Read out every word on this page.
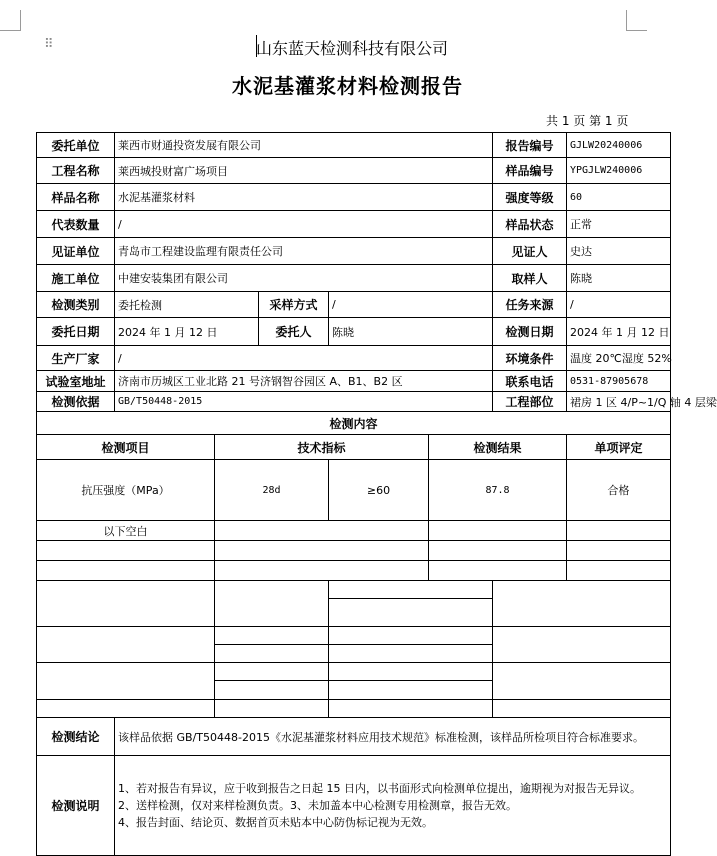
⠿	山东蓝天检测科技有限公司
水泥基灌浆材料检测报告
共 1 页 第 1 页
委托单位	莱西市财通投资发展有限公司					报告编号	GJLW20240006
工程名称	莱西城投财富广场项目					样品编号	YPGJLW240006
样品名称	水泥基灌浆材料					强度等级	60
代表数量	/					样品状态	正常
见证单位	青岛市工程建设监理有限责任公司					见证人	史达
施工单位	中建安装集团有限公司					取样人	陈晓
检测类别	委托检测		采样方式	/		任务来源	/
委托日期	2024 年 1 月 12 日		委托人	陈晓		检测日期	2024 年 1 月 12 日
生产厂家	/					环境条件	温度 20℃湿度 52%
试验室地址	济南市历城区工业北路 21 号济钢智谷园区 A、B1、B2 区					联系电话	0531-87905678
检测依据	GB/T50448-2015					工程部位	裙房 1 区 4/P~1/Q 轴 4 层梁
检测内容							
检测项目		技术指标			检测结果		单项评定
抗压强度（MPa）		28d		≥60	87.8		合格
以下空白							

检测结论	该样品依据 GB/T50448-2015《水泥基灌浆材料应用技术规范》标准检测，该样品所检项目符合标准要求。						
检测说明	1、若对报告有异议，应于收到报告之日起 15 日内，以书面形式向检测单位提出，逾期视为对报告无异议。
2、送样检测，仅对来样检测负责。3、未加盖本中心检测专用检测章，报告无效。
4、报告封面、结论页、数据首页未贴本中心防伪标记视为无效。						
